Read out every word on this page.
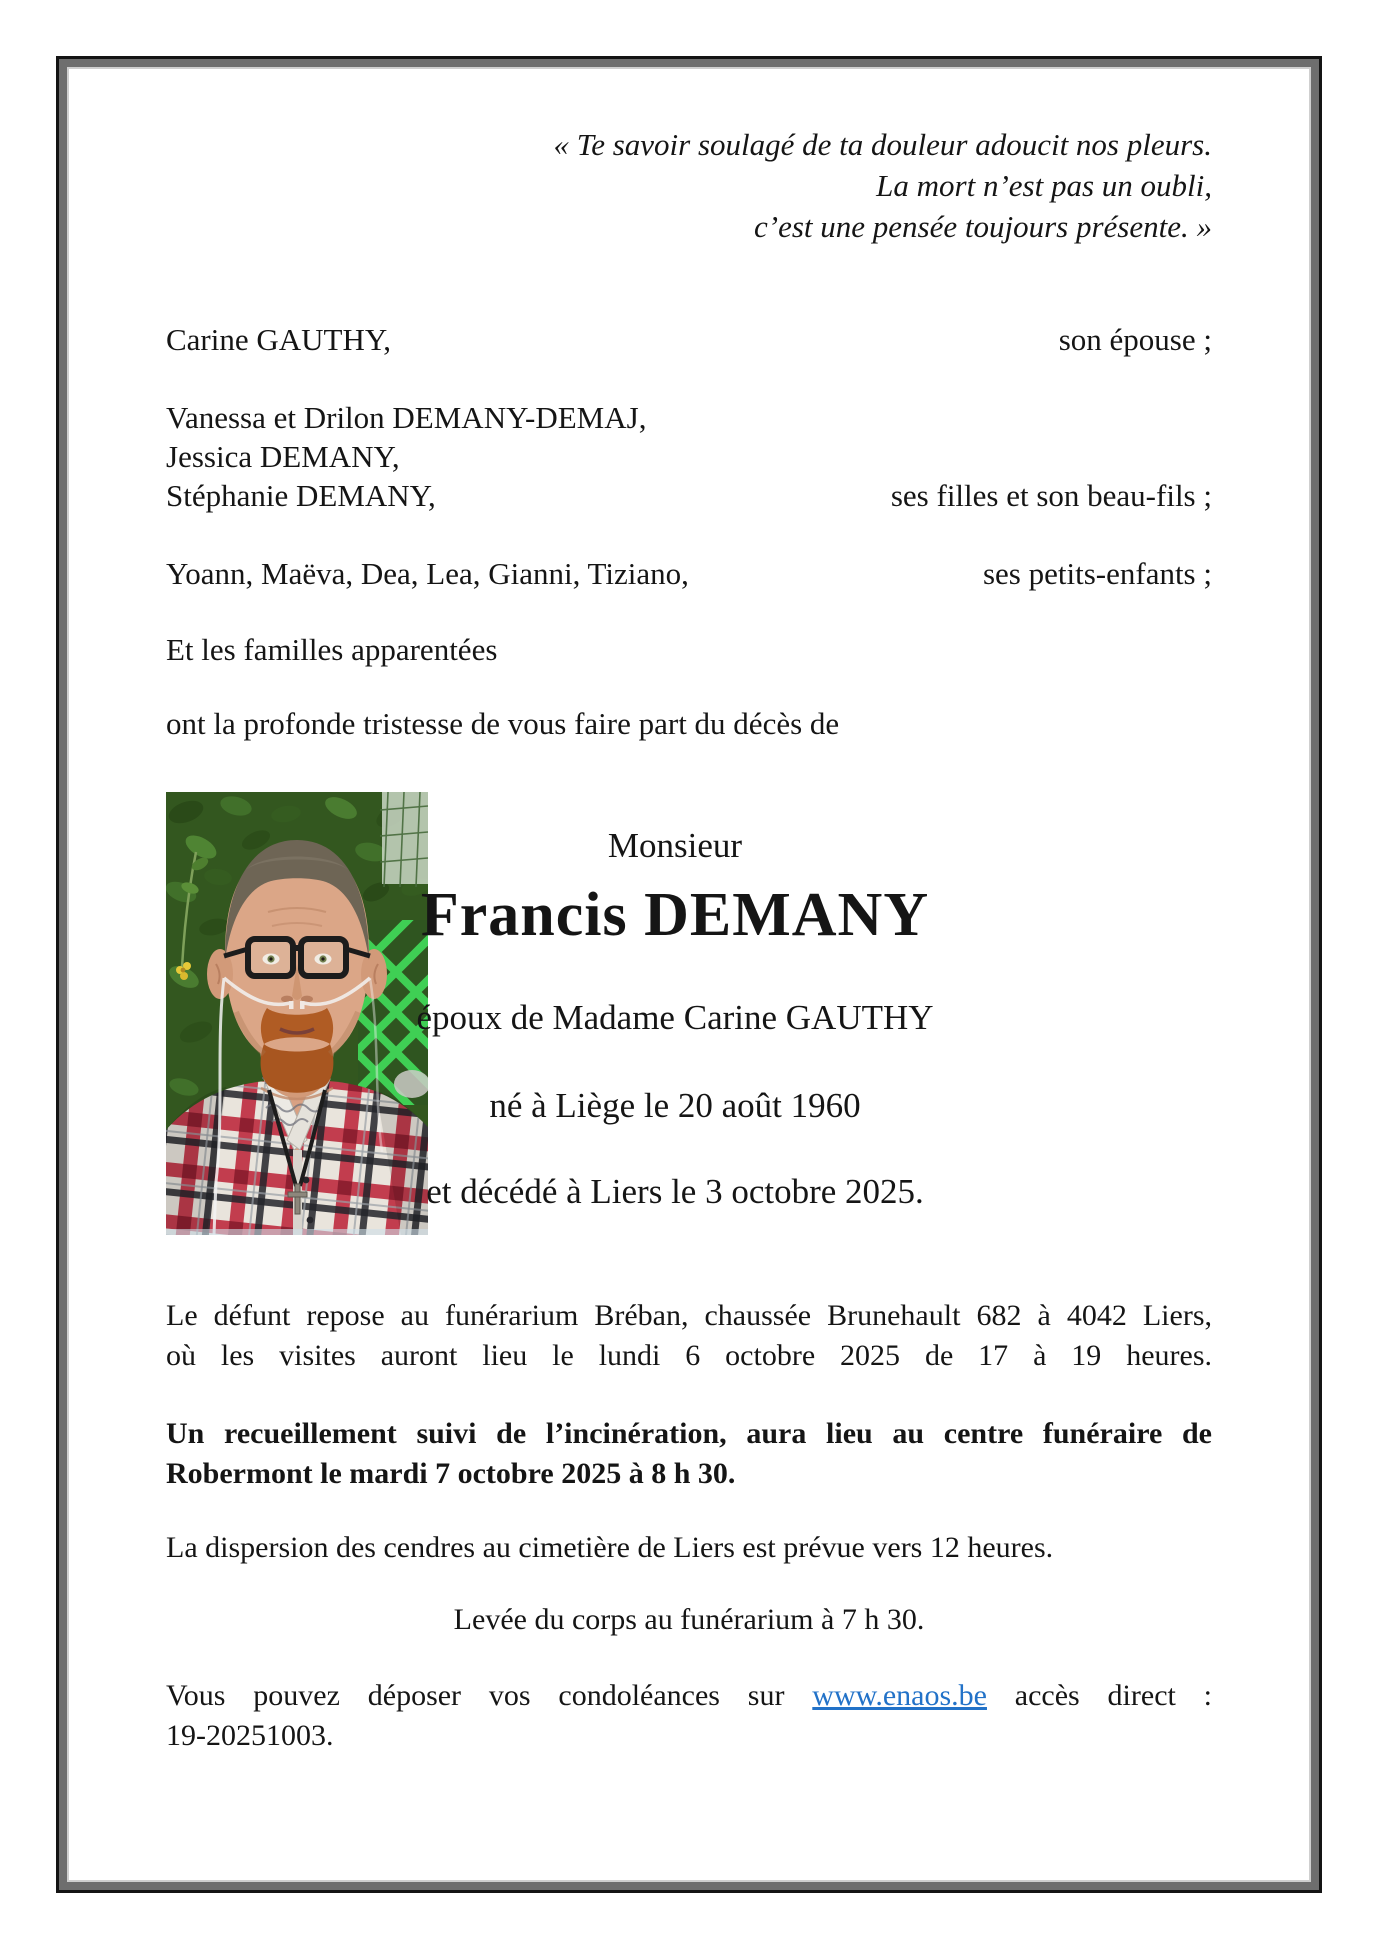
« Te savoir soulagé de ta douleur adoucit nos pleurs.
La mort n’est pas un oubli,
c’est une pensée toujours présente. »
Carine GAUTHY,	son épouse ;
Vanessa et Drilon DEMANY-DEMAJ,
Jessica DEMANY,
Stéphanie DEMANY,	ses filles et son beau-fils ;
Yoann, Maëva, Dea, Lea, Gianni, Tiziano,	ses petits-enfants ;
Et les familles apparentées
ont la profonde tristesse de vous faire part du décès de
Monsieur
Francis DEMANY
époux de Madame Carine GAUTHY
né à Liège le 20 août 1960
et décédé à Liers le 3 octobre 2025.
Le défunt repose au funérarium Bréban, chaussée Brunehault 682 à 4042 Liers,
où les visites auront lieu le lundi 6 octobre 2025 de 17 à 19 heures.
Un recueillement suivi de l’incinération, aura lieu au centre funéraire de
Robermont le mardi 7 octobre 2025 à 8 h 30.
La dispersion des cendres au cimetière de Liers est prévue vers 12 heures.
Levée du corps au funérarium à 7 h 30.
Vous pouvez déposer vos condoléances sur www.enaos.be accès direct :
19-20251003.
